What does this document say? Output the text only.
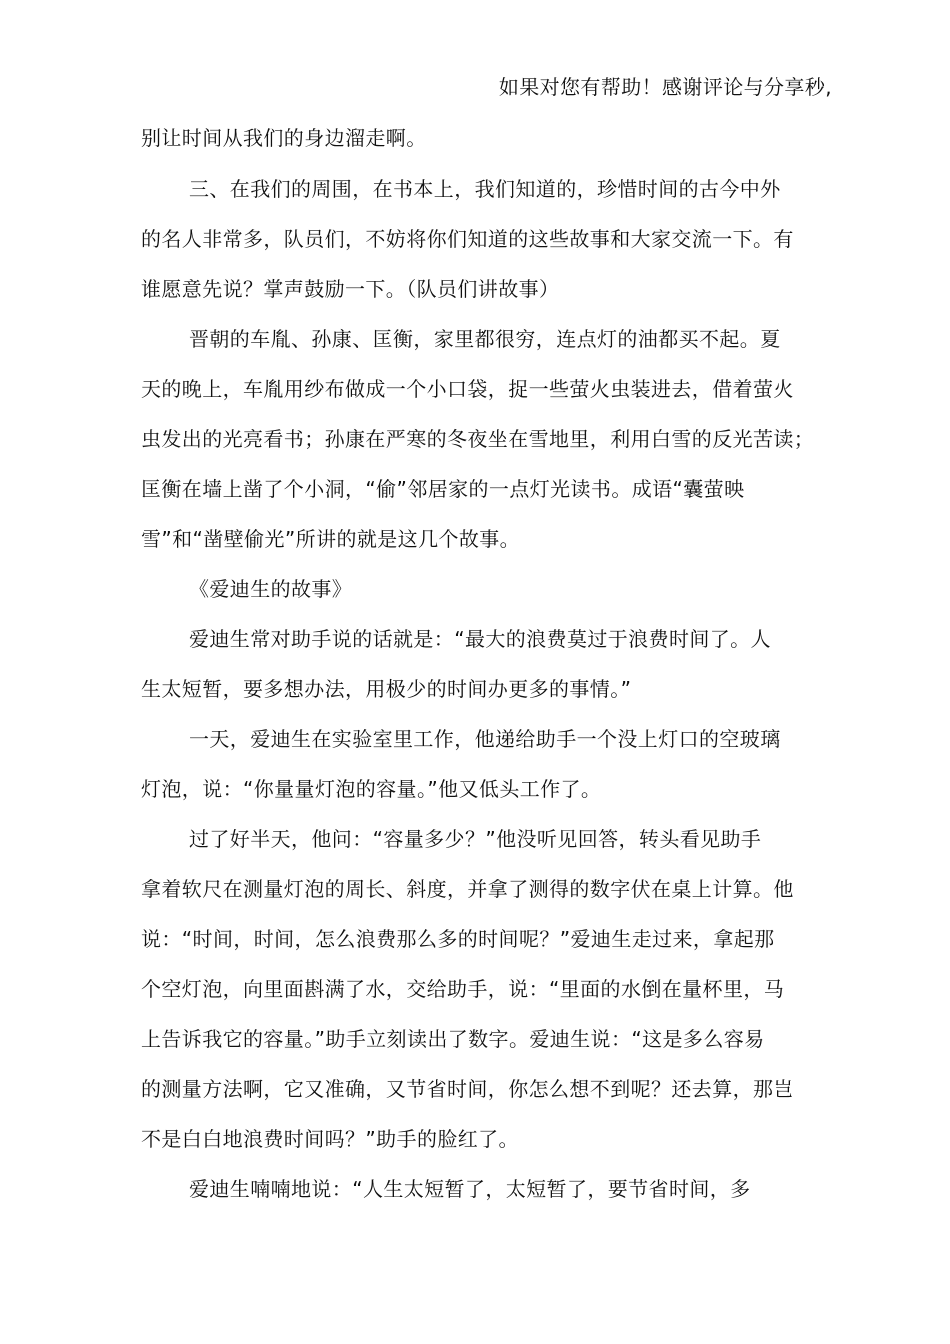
如果对您有帮助！感谢评论与分享秒,
别让时间从我们的身边溜走啊。
三、在我们的周围，在书本上，我们知道的，珍惜时间的古今中外
的名人非常多，队员们，不妨将你们知道的这些故事和大家交流一下。有
谁愿意先说？掌声鼓励一下。（队员们讲故事）
晋朝的车胤、孙康、匡衡，家里都很穷，连点灯的油都买不起。夏
天的晚上，车胤用纱布做成一个小口袋，捉一些萤火虫装进去，借着萤火
虫发出的光亮看书；孙康在严寒的冬夜坐在雪地里，利用白雪的反光苦读；
匡衡在墙上凿了个小洞，“偷”邻居家的一点灯光读书。成语“囊萤映
雪”和“凿壁偷光”所讲的就是这几个故事。
《爱迪生的故事》
爱迪生常对助手说的话就是：“最大的浪费莫过于浪费时间了。人
生太短暂，要多想办法，用极少的时间办更多的事情。”
一天，爱迪生在实验室里工作，他递给助手一个没上灯口的空玻璃
灯泡，说：“你量量灯泡的容量。”他又低头工作了。
过了好半天，他问：“容量多少？”他没听见回答，转头看见助手
拿着软尺在测量灯泡的周长、斜度，并拿了测得的数字伏在桌上计算。他
说：“时间，时间，怎么浪费那么多的时间呢？”爱迪生走过来，拿起那
个空灯泡，向里面斟满了水，交给助手，说：“里面的水倒在量杯里，马
上告诉我它的容量。”助手立刻读出了数字。爱迪生说：“这是多么容易
的测量方法啊，它又准确，又节省时间，你怎么想不到呢？还去算，那岂
不是白白地浪费时间吗？”助手的脸红了。
爱迪生喃喃地说：“人生太短暂了，太短暂了，要节省时间，多
